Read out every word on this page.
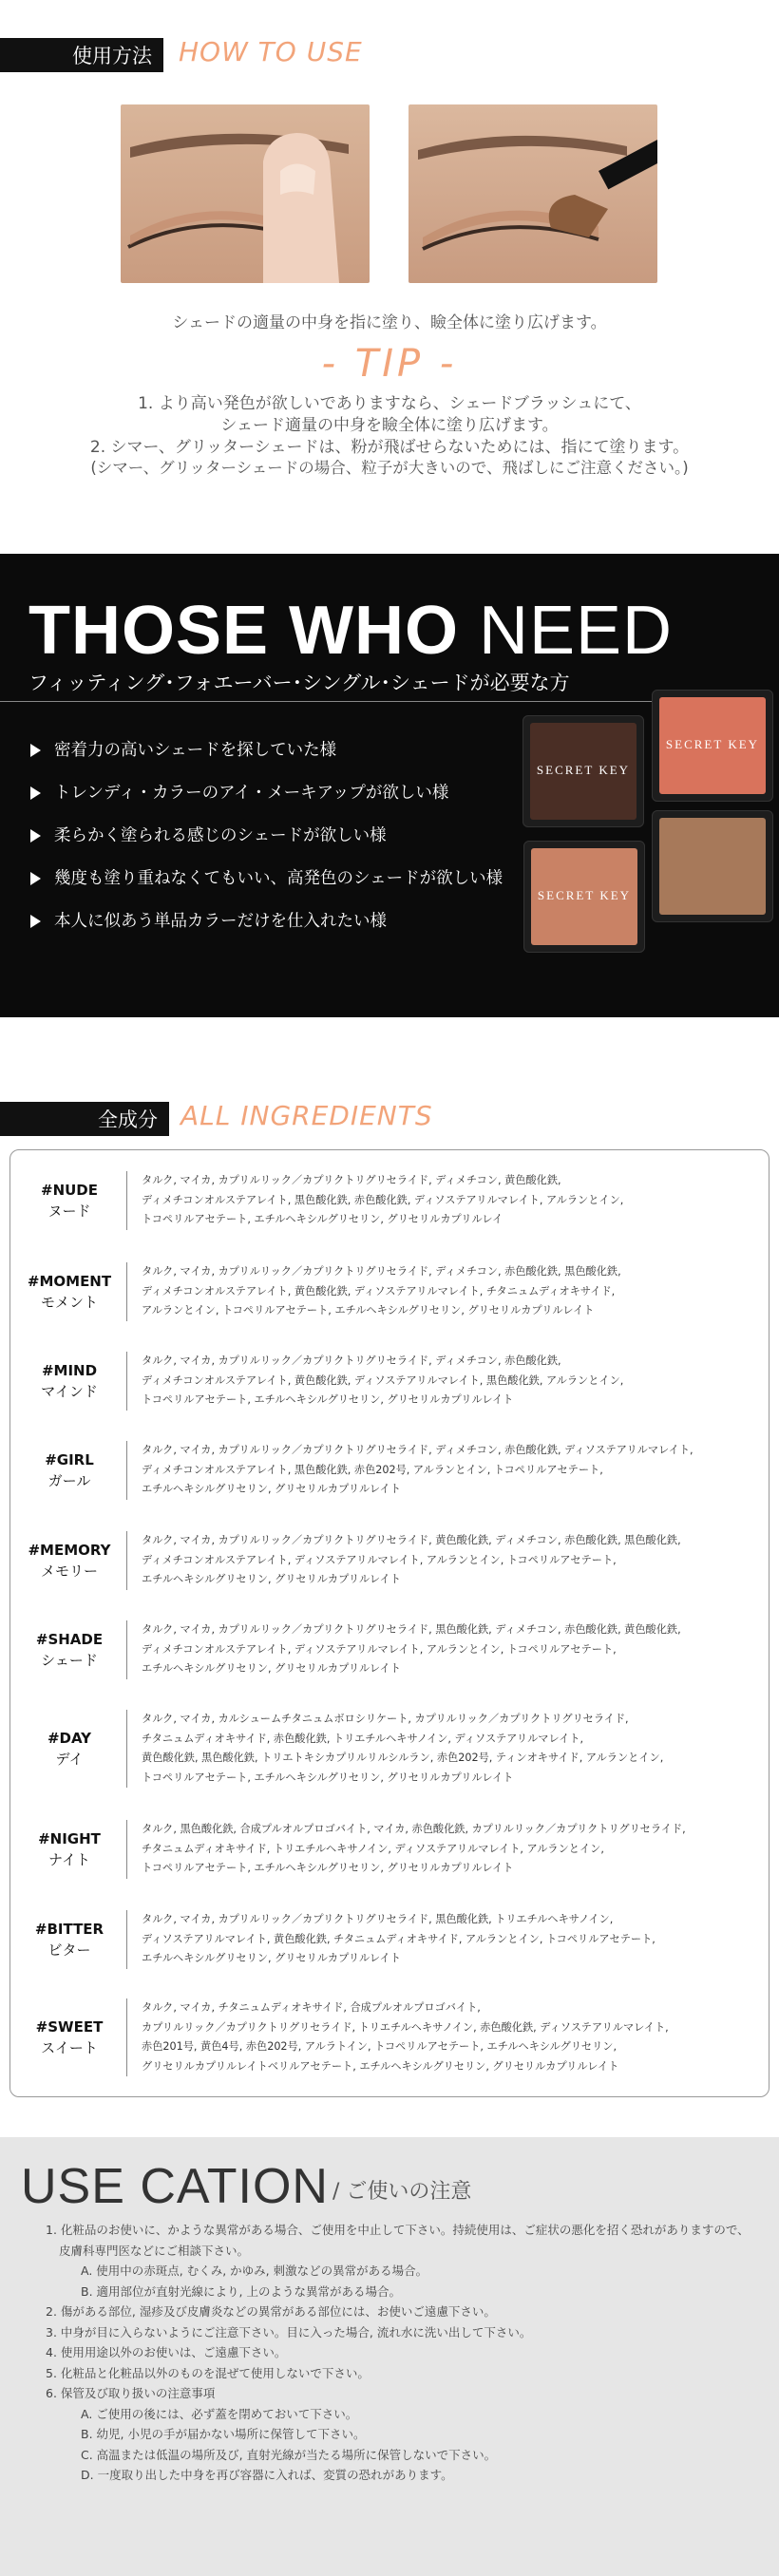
使用方法 HOW TO USE
シェードの適量の中身を指に塗り、瞼全体に塗り広げます。
- TIP -
1. より高い発色が欲しいでありますなら、シェードブラッシュにて、
シェード適量の中身を瞼全体に塗り広げます。
2. シマー、グリッターシェードは、粉が飛ばせらないためには、指にて塗ります。
(シマー、グリッターシェードの場合、粒子が大きいので、飛ばしにご注意ください。)
THOSE WHO NEED
フィッティング･フォエーバー･シングル･シェードが必要な方
密着力の高いシェードを探していた様
トレンディ・カラーのアイ・メーキアップが欲しい様
柔らかく塗られる感じのシェードが欲しい様
幾度も塗り重ねなくてもいい、高発色のシェードが欲しい様
本人に似あう単品カラーだけを仕入れたい様
SECRET KEY
SECRET KEY
SECRET KEY
全成分 ALL INGREDIENTS
#NUDE
ヌード
タルク, マイカ, カプリルリック／カプリクトリグリセライド, ディメチコン, 黄色酸化鉄,
ディメチコンオルステアレイト, 黒色酸化鉄, 赤色酸化鉄, ディソステアリルマレイト, アルランとイン,
トコペリルアセテート, エチルヘキシルグリセリン, グリセリルカプリルレイ
#MOMENT
モメント
タルク, マイカ, カプリルリック／カプリクトリグリセライド, ディメチコン, 赤色酸化鉄, 黒色酸化鉄,
ディメチコンオルステアレイト, 黄色酸化鉄, ディソステアリルマレイト, チタニュムディオキサイド,
アルランとイン, トコペリルアセテート, エチルヘキシルグリセリン, グリセリルカプリルレイト
#MIND
マインド
タルク, マイカ, カプリルリック／カプリクトリグリセライド, ディメチコン, 赤色酸化鉄,
ディメチコンオルステアレイト, 黄色酸化鉄, ディソステアリルマレイト, 黒色酸化鉄, アルランとイン,
トコペリルアセテート, エチルヘキシルグリセリン, グリセリルカプリルレイト
#GIRL
ガール
タルク, マイカ, カプリルリック／カプリクトリグリセライド, ディメチコン, 赤色酸化鉄, ディソステアリルマレイト,
ディメチコンオルステアレイト, 黒色酸化鉄, 赤色202号, アルランとイン, トコペリルアセテート,
エチルヘキシルグリセリン, グリセリルカプリルレイト
#MEMORY
メモリー
タルク, マイカ, カプリルリック／カプリクトリグリセライド, 黄色酸化鉄, ディメチコン, 赤色酸化鉄, 黒色酸化鉄,
ディメチコンオルステアレイト, ディソステアリルマレイト, アルランとイン, トコペリルアセテート,
エチルヘキシルグリセリン, グリセリルカプリルレイト
#SHADE
シェード
タルク, マイカ, カプリルリック／カプリクトリグリセライド, 黒色酸化鉄, ディメチコン, 赤色酸化鉄, 黄色酸化鉄,
ディメチコンオルステアレイト, ディソステアリルマレイト, アルランとイン, トコペリルアセテート,
エチルヘキシルグリセリン, グリセリルカプリルレイト
#DAY
デイ
タルク, マイカ, カルシュームチタニュムボロシリケート, カプリルリック／カプリクトリグリセライド,
チタニュムディオキサイド, 赤色酸化鉄, トリエチルヘキサノイン, ディソステアリルマレイト,
黄色酸化鉄, 黒色酸化鉄, トリエトキシカプリルリルシルラン, 赤色202号, ティンオキサイド, アルランとイン,
トコペリルアセテート, エチルヘキシルグリセリン, グリセリルカプリルレイト
#NIGHT
ナイト
タルク, 黒色酸化鉄, 合成プルオルプロゴバイト, マイカ, 赤色酸化鉄, カプリルリック／カプリクトリグリセライド,
チタニュムディオキサイド, トリエチルヘキサノイン, ディソステアリルマレイト, アルランとイン,
トコペリルアセテート, エチルヘキシルグリセリン, グリセリルカプリルレイト
#BITTER
ビター
タルク, マイカ, カプリルリック／カプリクトリグリセライド, 黒色酸化鉄, トリエチルヘキサノイン,
ディソステアリルマレイト, 黄色酸化鉄, チタニュムディオキサイド, アルランとイン, トコペリルアセテート,
エチルヘキシルグリセリン, グリセリルカプリルレイト
#SWEET
スイート
タルク, マイカ, チタニュムディオキサイド, 合成プルオルプロゴバイト,
カプリルリック／カプリクトリグリセライド, トリエチルヘキサノイン, 赤色酸化鉄, ディソステアリルマレイト,
赤色201号, 黄色4号, 赤色202号, アルラトイン, トコペリルアセテート, エチルヘキシルグリセリン,
グリセリルカプリルレイトベリルアセテート, エチルヘキシルグリセリン, グリセリルカプリルレイト
USE CATION / ご使いの注意
1. 化粧品のお使いに、かような異常がある場合、ご使用を中止して下さい。持続使用は、ご症状の悪化を招く恐れがありますので、
皮膚科専門医などにご相談下さい。
A. 使用中の赤斑点, むくみ, かゆみ, 刺激などの異常がある場合。
B. 適用部位が直射光線により, 上のような異常がある場合。
2. 傷がある部位, 湿疹及び皮膚炎などの異常がある部位には、お使いご遠慮下さい。
3. 中身が目に入らないようにご注意下さい。目に入った場合, 流れ水に洗い出して下さい。
4. 使用用途以外のお使いは、ご遠慮下さい。
5. 化粧品と化粧品以外のものを混ぜて使用しないで下さい。
6. 保管及び取り扱いの注意事項
A. ご使用の後には、必ず蓋を閉めておいて下さい。
B. 幼児, 小児の手が届かない場所に保管して下さい。
C. 高温または低温の場所及び, 直射光線が当たる場所に保管しないで下さい。
D. 一度取り出した中身を再び容器に入れば、変質の恐れがあります。
